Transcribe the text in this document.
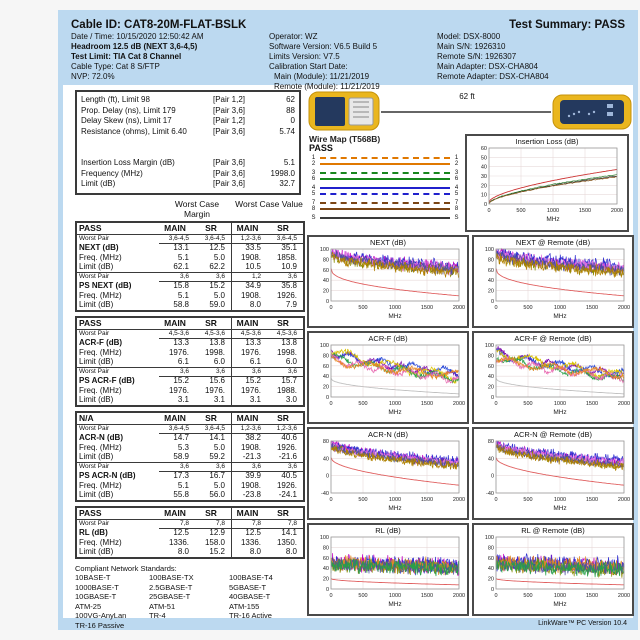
Cable ID: CAT8-20M-FLAT-BSLK
Date / Time: 10/15/2020 12:50:42 AM
Headroom 12.5 dB (NEXT 3,6-4,5)
Test Limit: TIA Cat 8 Channel
Cable Type: Cat 8 S/FTP
NVP: 72.0%
Operator: WZ
Software Version: V6.5 Build 5
Limits Version: V7.5
Calibration Start Date:
Main (Module): 11/21/2019
Remote (Module): 11/21/2019
Test Summary: PASS
Model: DSX-8000
Main S/N: 1926310
Remote S/N: 1926307
Main Adapter: DSX-CHA804
Remote Adapter: DSX-CHA804
Length (ft), Limit 98	[Pair 1,2]	62
Prop. Delay (ns), Limit 179	[Pair 3,6]	88
Delay Skew (ns), Limit 17	[Pair 1,2]	0
Resistance (ohms), Limit 6.40	[Pair 3,6]	5.74
Insertion Loss Margin (dB)	[Pair 3,6]	5.1
Frequency (MHz)	[Pair 3,6]	1998.0
Limit (dB)	[Pair 3,6]	32.7
Worst Case Margin
Worst Case Value
PASS	MAIN	SR	MAIN	SR
Worst Pair	3,6-4,5	3,6-4,5	1,2-3,6	3,6-4,5
NEXT (dB)	13.1	12.5	33.5	35.1
Freq. (MHz)	5.1	5.0	1908.	1858.
Limit (dB)	62.1	62.2	10.5	10.9
Worst Pair	3,6	3,6	1,2	3,6
PS NEXT (dB)	15.8	15.2	34.9	35.8
Freq. (MHz)	5.1	5.0	1908.	1926.
Limit (dB)	58.8	59.0	8.0	7.9
PASS	MAIN	SR	MAIN	SR
Worst Pair	4,5-3,6	4,5-3,6	4,5-3,6	4,5-3,6
ACR-F (dB)	13.3	13.8	13.3	13.8
Freq. (MHz)	1976.	1998.	1976.	1998.
Limit (dB)	6.1	6.0	6.1	6.0
Worst Pair	3,6	3,6	3,6	3,6
PS ACR-F (dB)	15.2	15.6	15.2	15.7
Freq. (MHz)	1976.	1976.	1976.	1988.
Limit (dB)	3.1	3.1	3.1	3.0
N/A	MAIN	SR	MAIN	SR
Worst Pair	3,6-4,5	3,6-4,5	1,2-3,6	1,2-3,6
ACR-N (dB)	14.7	14.1	38.2	40.6
Freq. (MHz)	5.3	5.0	1908.	1926.
Limit (dB)	58.9	59.2	-21.3	-21.6
Worst Pair	3,6	3,6	3,6	3,6
PS ACR-N (dB)	17.3	16.7	39.9	40.5
Freq. (MHz)	5.1	5.0	1908.	1926.
Limit (dB)	55.8	56.0	-23.8	-24.1
PASS	MAIN	SR	MAIN	SR
Worst Pair	7,8	7,8	7,8	7,8
RL (dB)	12.5	12.9	12.5	14.1
Freq. (MHz)	1336.	158.0	1336.	1350.
Limit (dB)	8.0	15.2	8.0	8.0
Compliant Network Standards:
10BASE-T	100BASE-TX	100BASE-T4
1000BASE-T	2.5GBASE-T	5GBASE-T
10GBASE-T	25GBASE-T	40GBASE-T
ATM-25	ATM-51	ATM-155
100VG-AnyLan	TR-4	TR-16 Active
TR-16 Passive
62 ft
Wire Map (T568B)
PASS
1	1
2	2
3	3
6	6
4	4
5	5
7	7
8	8
S	S
Insertion Loss (dB)
0
10
20
30
40
50
60
0	500	1000	1500	2000
MHz
NEXT (dB)
0
20
40
60
80
100
0	500	1000	1500	2000
MHz
NEXT @ Remote (dB)
0
20
40
60
80
100
0	500	1000	1500	2000
MHz
ACR-F (dB)
0
20
40
60
80
100
0	500	1000	1500	2000
MHz
ACR-F @ Remote (dB)
0
20
40
60
80
100
0	500	1000	1500	2000
MHz
ACR-N (dB)
-40
0
40
80
0	500	1000	1500	2000
MHz
ACR-N @ Remote (dB)
-40
0
40
80
0	500	1000	1500	2000
MHz
RL (dB)
0
20
40
60
80
100
0	500	1000	1500	2000
MHz
RL @ Remote (dB)
0
20
40
60
80
100
0	500	1000	1500	2000
MHz
LinkWare™ PC Version 10.4
